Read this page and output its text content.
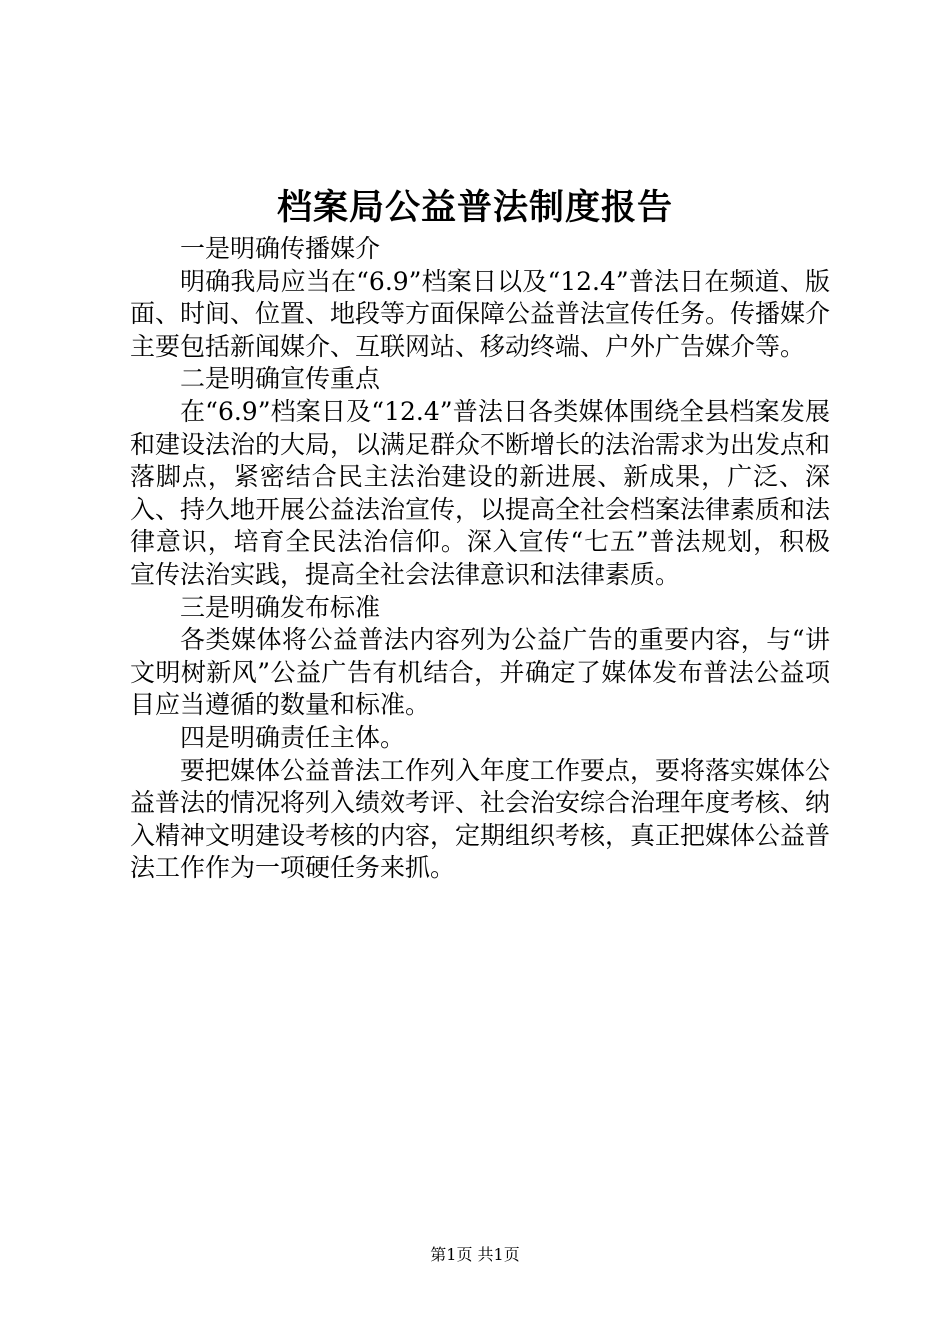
档案局公益普法制度报告

一是明确传播媒介

明确我局应当在“6.9”档案日以及“12.4”普法日在频道、版面、时间、位置、地段等方面保障公益普法宣传任务。传播媒介主要包括新闻媒介、互联网站、移动终端、户外广告媒介等。

二是明确宣传重点

在“6.9”档案日及“12.4”普法日各类媒体围绕全县档案发展和建设法治的大局，以满足群众不断增长的法治需求为出发点和落脚点，紧密结合民主法治建设的新进展、新成果，广泛、深入、持久地开展公益法治宣传，以提高全社会档案法律素质和法律意识，培育全民法治信仰。深入宣传“七五”普法规划，积极宣传法治实践，提高全社会法律意识和法律素质。

三是明确发布标准

各类媒体将公益普法内容列为公益广告的重要内容，与“讲文明树新风”公益广告有机结合，并确定了媒体发布普法公益项目应当遵循的数量和标准。

四是明确责任主体。

要把媒体公益普法工作列入年度工作要点，要将落实媒体公益普法的情况将列入绩效考评、社会治安综合治理年度考核、纳入精神文明建设考核的内容，定期组织考核，真正把媒体公益普法工作作为一项硬任务来抓。

第1页 共1页
